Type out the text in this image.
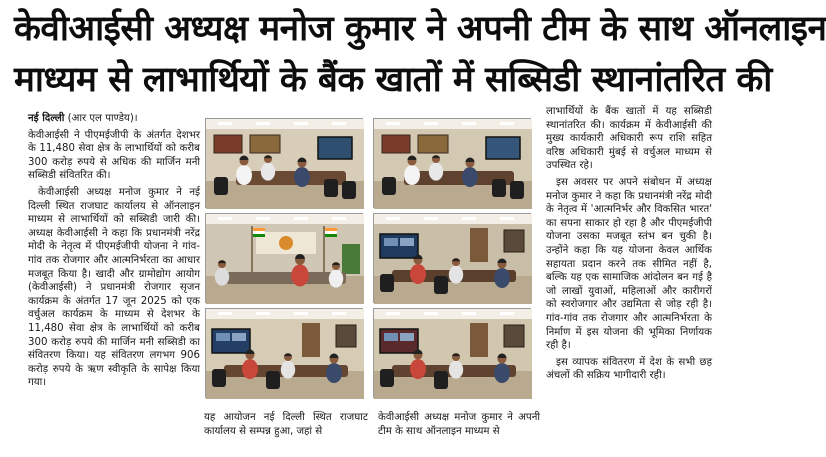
केवीआईसी अध्यक्ष मनोज कुमार ने अपनी टीम के साथ ऑनलाइन
माध्यम से लाभार्थियों के बैंक खातों में सब्सिडी स्थानांतरित की

नई दिल्ली (आर एल पाण्डेय)।

केवीआईसी ने पीएमईजीपी के अंतर्गत देशभर के 11,480 सेवा क्षेत्र के लाभार्थियों को करीब 300 करोड़ रुपये से अधिक की मार्जिन मनी सब्सिडी संवितरित की।

केवीआईसी अध्यक्ष मनोज कुमार ने नई दिल्ली स्थित राजघाट कार्यालय से ऑनलाइन माध्यम से लाभार्थियों को सब्सिडी जारी की। अध्यक्ष केवीआईसी ने कहा कि प्रधानमंत्री नरेंद्र मोदी के नेतृत्व में पीएमईजीपी योजना ने गांव-गांव तक रोजगार और आत्मनिर्भरता का आधार मजबूत किया है। खादी और ग्रामोद्योग आयोग (केवीआईसी) ने प्रधानमंत्री रोजगार सृजन कार्यक्रम के अंतर्गत 17 जून 2025 को एक वर्चुअल कार्यक्रम के माध्यम से देशभर के 11,480 सेवा क्षेत्र के लाभार्थियों को करीब 300 करोड़ रुपये की मार्जिन मनी सब्सिडी का संवितरण किया। यह संवितरण लगभग 906 करोड़ रुपये के ऋण स्वीकृति के सापेक्ष किया गया।

यह आयोजन नई दिल्ली स्थित राजघाट कार्यालय से सम्पन्न हुआ, जहां से

केवीआईसी अध्यक्ष मनोज कुमार ने अपनी टीम के साथ ऑनलाइन माध्यम से

लाभार्थियों के बैंक खातों में यह सब्सिडी स्थानांतरित की। कार्यक्रम में केवीआईसी की मुख्य कार्यकारी अधिकारी रूप राशि सहित वरिष्ठ अधिकारी मुंबई से वर्चुअल माध्यम से उपस्थित रहे।

इस अवसर पर अपने संबोधन में अध्यक्ष मनोज कुमार ने कहा कि प्रधानमंत्री नरेंद्र मोदी के नेतृत्व में 'आत्मनिर्भर और विकसित भारत' का सपना साकार हो रहा है और पीएमईजीपी योजना उसका मजबूत स्तंभ बन चुकी है। उन्होंने कहा कि यह योजना केवल आर्थिक सहायता प्रदान करने तक सीमित नहीं है, बल्कि यह एक सामाजिक आंदोलन बन गई है जो लाखों युवाओं, महिलाओं और कारीगरों को स्वरोजगार और उद्यमिता से जोड़ रही है। गांव-गांव तक रोजगार और आत्मनिर्भरता के निर्माण में इस योजना की भूमिका निर्णायक रही है।

इस व्यापक संवितरण में देश के सभी छह अंचलों की सक्रिय भागीदारी रही।
